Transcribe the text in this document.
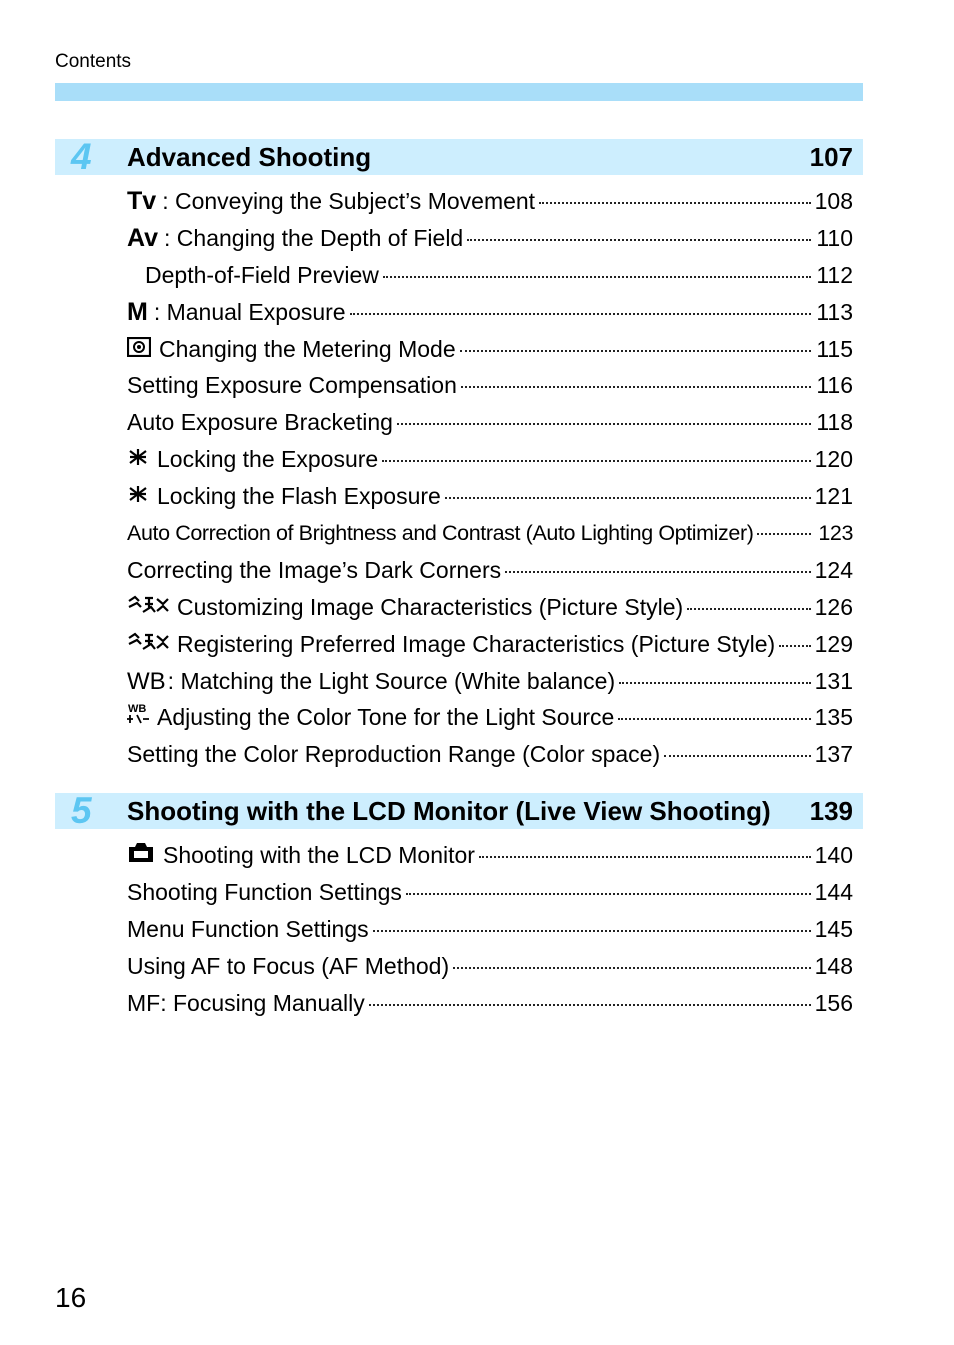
Contents
4 Advanced Shooting	107
Tv : Conveying the Subject’s Movement	108
Av : Changing the Depth of Field	110
Depth-of-Field Preview	112
M : Manual Exposure	113
Changing the Metering Mode	115
Setting Exposure Compensation	116
Auto Exposure Bracketing	118
Locking the Exposure	120
Locking the Flash Exposure	121
Auto Correction of Brightness and Contrast (Auto Lighting Optimizer)	123
Correcting the Image’s Dark Corners	124
Customizing Image Characteristics (Picture Style)	126
Registering Preferred Image Characteristics (Picture Style) 129
WB : Matching the Light Source (White balance)	131
WB Adjusting the Color Tone for the Light Source	135
Setting the Color Reproduction Range (Color space)	137
5 Shooting with the LCD Monitor (Live View Shooting) 139
Shooting with the LCD Monitor	140
Shooting Function Settings	144
Menu Function Settings	145
Using AF to Focus (AF Method)	148
MF: Focusing Manually	156
16
